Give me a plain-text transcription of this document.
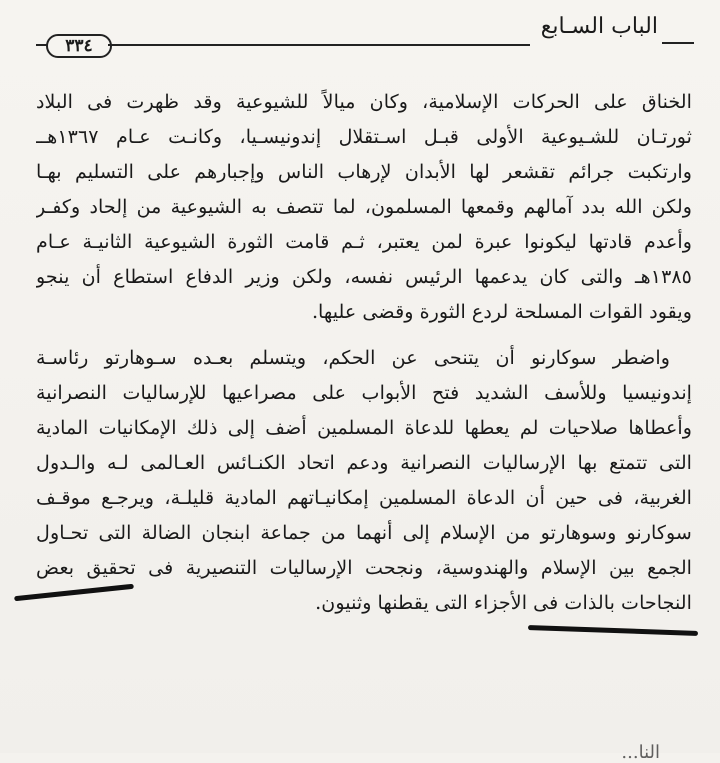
٣٣٤
الباب السـابع
الخناق على الحركات الإسلامية، وكان ميالاً للشيوعية وقد ظهرت فى البلاد
ثورتـان للشـيوعية الأولى قبـل اسـتقلال إندونيسـيا، وكانـت عـام ١٣٦٧هــ
وارتكبت جرائم تقشعر لها الأبدان لإرهاب الناس وإجبارهم على التسليم بهـا
ولكن الله بدد آمالهم وقمعها المسلمون، لما تتصف به الشيوعية من إلحاد وكفـر
وأعدم قادتها ليكونوا عبرة لمن يعتبر، ثـم قامت الثورة الشيوعية الثانيـة عـام
١٣٨٥هـ والتى كان يدعمها الرئيس نفسه، ولكن وزير الدفاع استطاع أن ينجو
ويقود القوات المسلحة لردع الثورة وقضى عليها.
واضطر سوكارنو أن يتنحى عن الحكم، ويتسلم بعـده سـوهارتو رئاسـة
إندونيسيا وللأسف الشديد فتح الأبواب على مصراعيها للإرساليات النصرانية
وأعطاها صلاحيات لم يعطها للدعاة المسلمين أضف إلى ذلك الإمكانيات المادية
التى تتمتع بها الإرساليات النصرانية ودعم اتحاد الكنـائس العـالمى لـه والـدول
الغربية، فى حين أن الدعاة المسلمين إمكانيـاتهم المادية قليلـة، ويرجـع موقـف
سوكارنو وسوهارتو من الإسلام إلى أنهما من جماعة ابنجان الضالة التى تحـاول
الجمع بين الإسلام والهندوسية، ونجحت الإرساليات التنصيرية فى تحقيق بعض
النجاحات بالذات فى الأجزاء التى يقطنها وثنيون.
النا...
